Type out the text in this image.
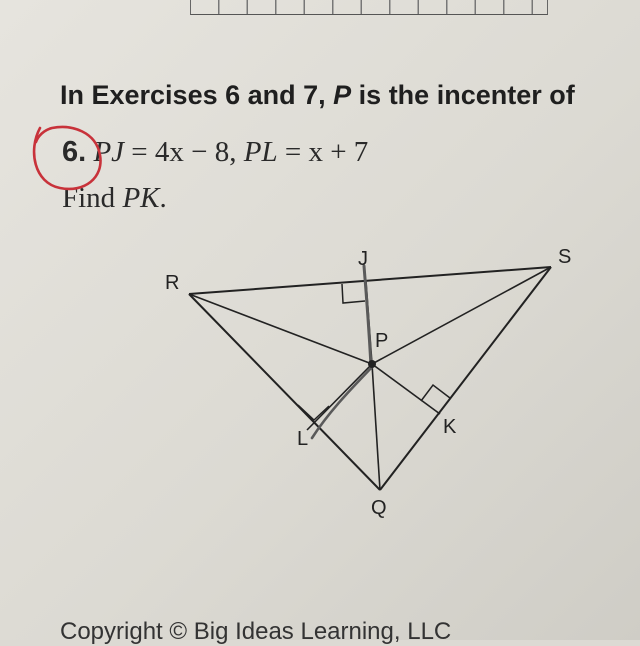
In Exercises 6 and 7, P is the incenter of
6. PJ = 4x − 8, PL = x + 7
Find PK.
R
S
J
P
L
K
Q
Copyright © Big Ideas Learning, LLC
